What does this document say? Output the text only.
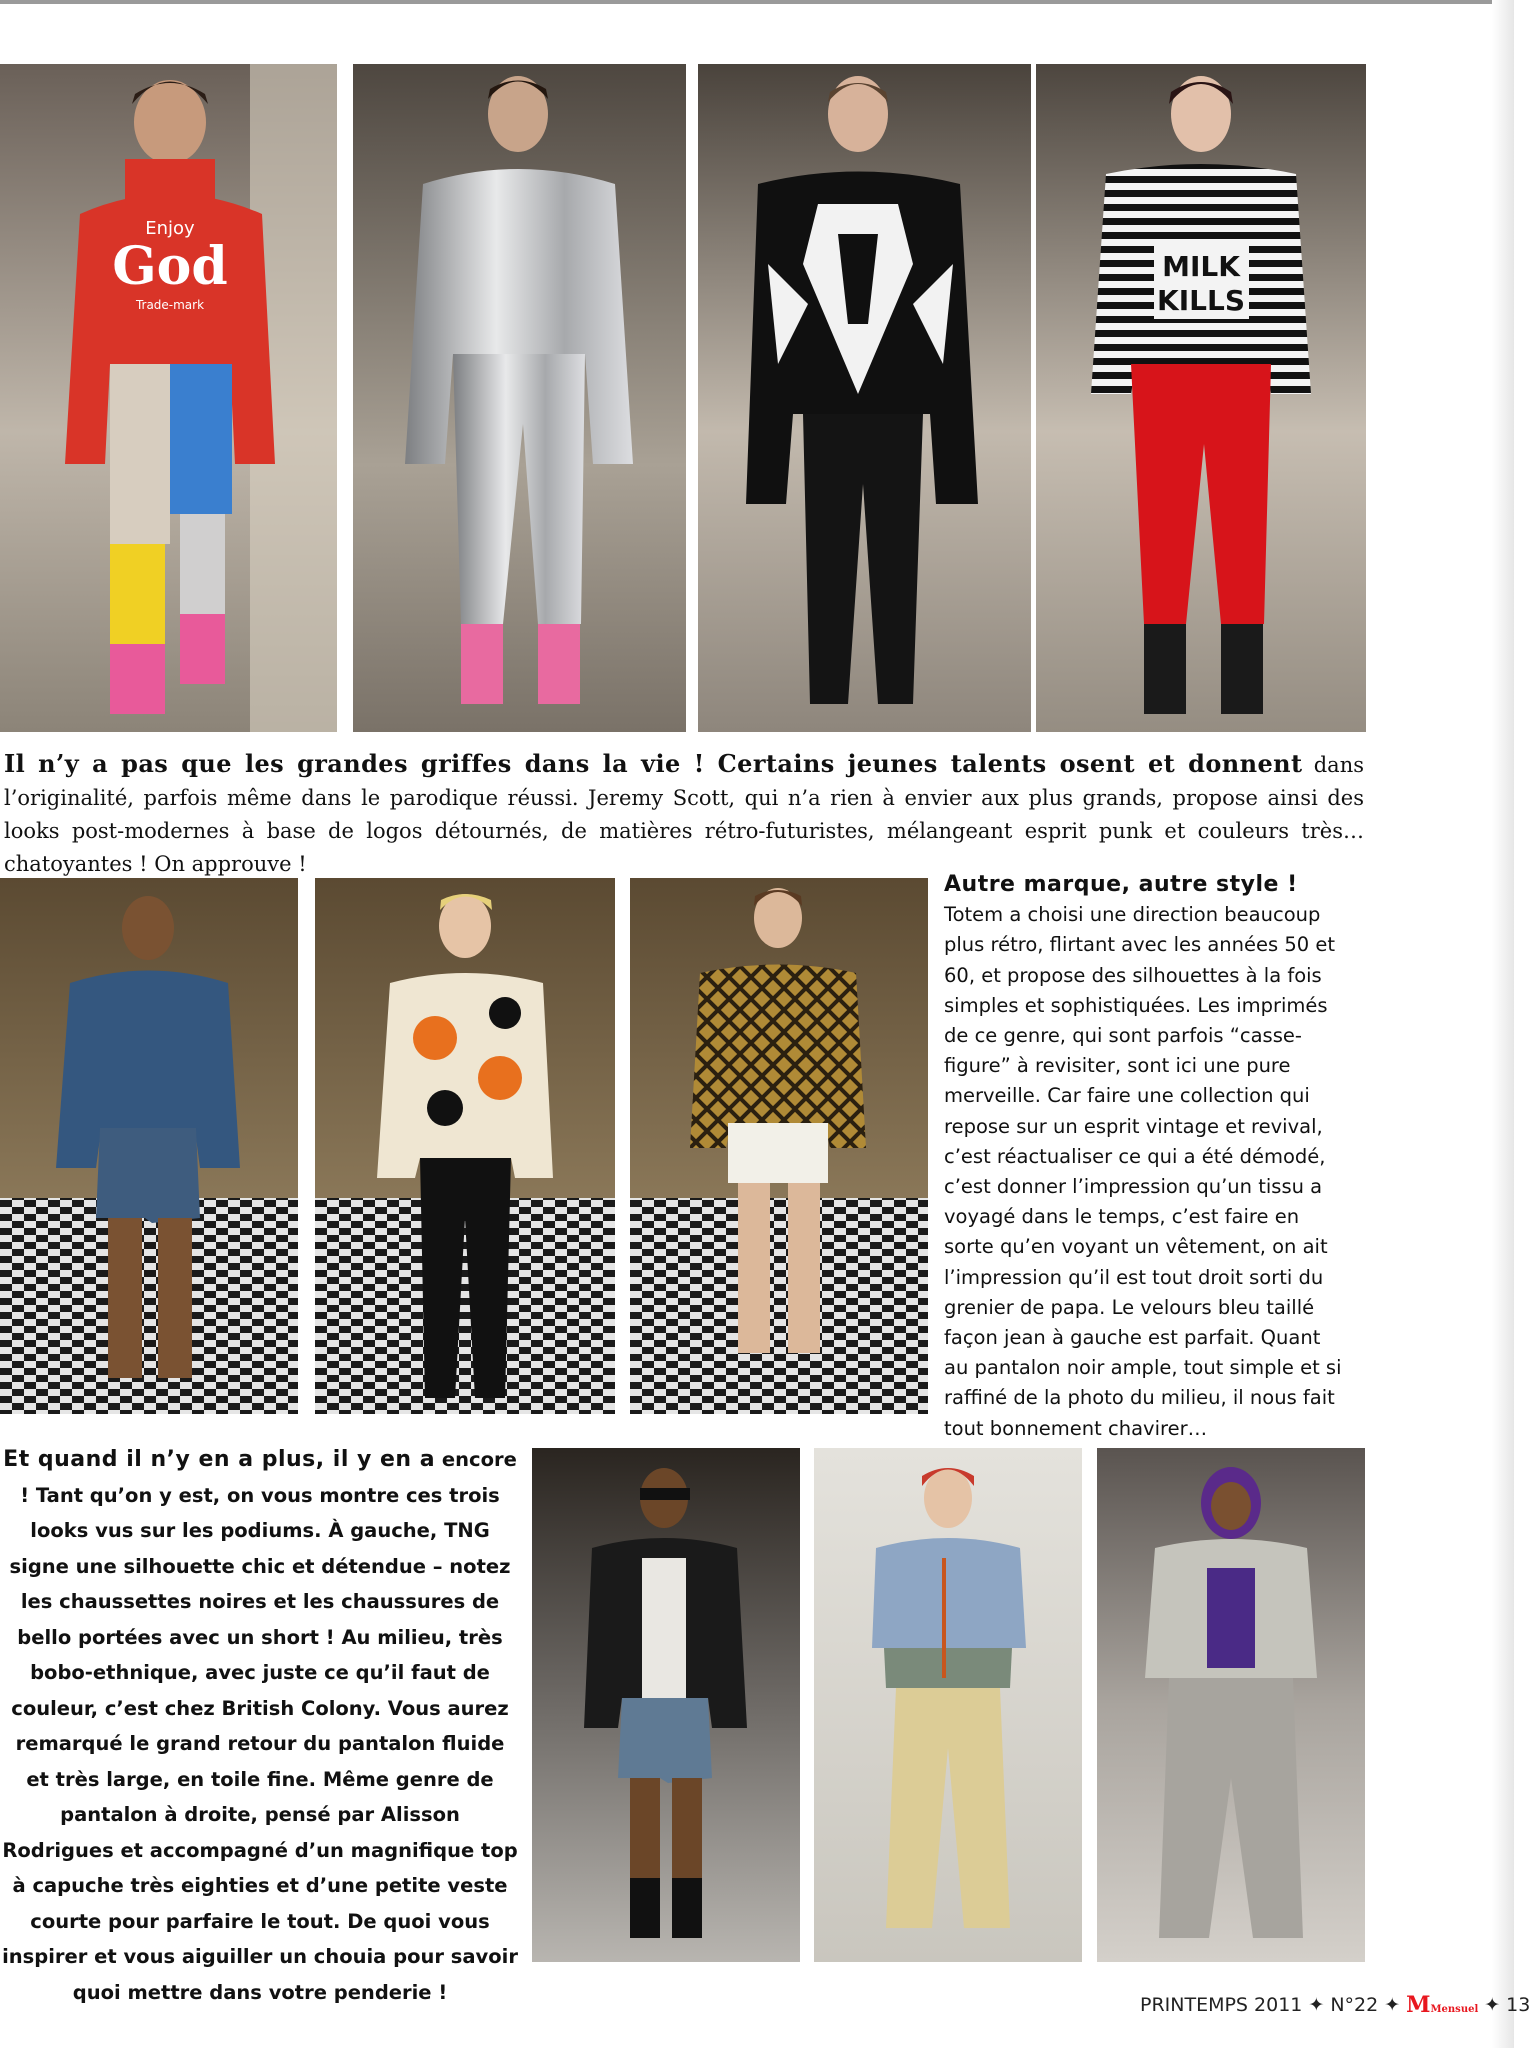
Enjoy
God
Trade-mark
MILK
KILLS
Il n’y a pas que les grandes griffes dans la vie ! Certains jeunes talents osent et donnent dans l’originalité, parfois même dans le parodique réussi. Jeremy Scott, qui n’a rien à envier aux plus grands, propose ainsi des looks post-modernes à base de logos détournés, de matières rétro-futuristes, mélangeant esprit punk et couleurs très… chatoyantes ! On approuve !
Autre marque, autre style !
Totem a choisi une direction beaucoup plus rétro, flirtant avec les années 50 et 60, et propose des silhouettes à la fois simples et sophistiquées. Les imprimés de ce genre, qui sont parfois “casse-figure” à revisiter, sont ici une pure merveille. Car faire une collection qui repose sur un esprit vintage et revival, c’est réactualiser ce qui a été démodé, c’est donner l’impression qu’un tissu a voyagé dans le temps, c’est faire en sorte qu’en voyant un vêtement, on ait l’impression qu’il est tout droit sorti du grenier de papa. Le velours bleu taillé façon jean à gauche est parfait. Quant au pantalon noir ample, tout simple et si raffiné de la photo du milieu, il nous fait tout bonnement chavirer…
Et quand il n’y en a plus, il y en a encore ! Tant qu’on y est, on vous montre ces trois looks vus sur les podiums. À gauche, TNG signe une silhouette chic et détendue – notez les chaussettes noires et les chaussures de bello portées avec un short ! Au milieu, très bobo-ethnique, avec juste ce qu’il faut de couleur, c’est chez British Colony. Vous aurez remarqué le grand retour du pantalon fluide et très large, en toile fine. Même genre de pantalon à droite, pensé par Alisson Rodrigues et accompagné d’un magnifique top à capuche très eighties et d’une petite veste courte pour parfaire le tout. De quoi vous inspirer et vous aiguiller un chouia pour savoir quoi mettre dans votre penderie !
PRINTEMPS 2011 ✦ N°22 ✦ MMensuel ✦ 13
